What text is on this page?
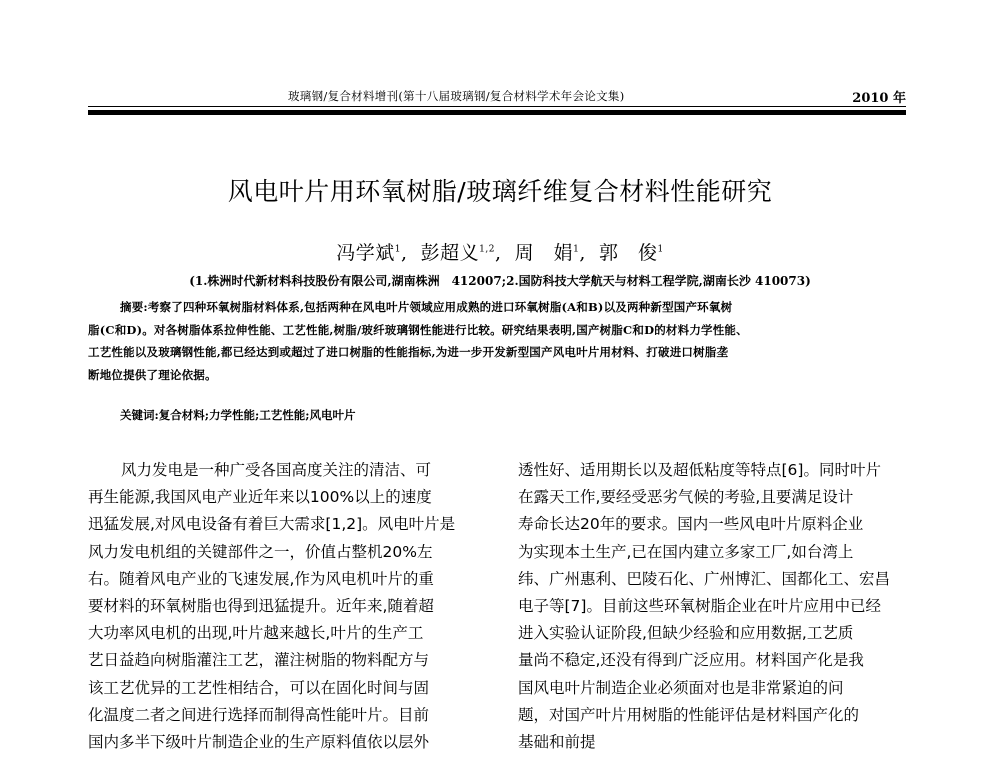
玻璃钢/复合材料增刊(第十八届玻璃钢/复合材料学术年会论文集)	2010 年
风电叶片用环氧树脂/玻璃纤维复合材料性能研究
冯学斌$^1$,  彭超义$^{1,2}$,  周　娟$^1$,  郭　俊$^1$
(1.株洲时代新材料科技股份有限公司,湖南株洲　412007;2.国防科技大学航天与材料工程学院,湖南长沙 410073)
摘要:考察了四种环氧树脂材料体系,包括两种在风电叶片领域应用成熟的进口环氧树脂(A和B)以及两种新型国产环氧树
脂(C和D)。对各树脂体系拉伸性能、工艺性能,树脂/玻纤玻璃钢性能进行比较。研究结果表明,国产树脂C和D的材料力学性能、
工艺性能以及玻璃钢性能,都已经达到或超过了进口树脂的性能指标,为进一步开发新型国产风电叶片用材料、打破进口树脂垄
断地位提供了理论依据。
关键词:复合材料;力学性能;工艺性能;风电叶片
风力发电是一种广受各国高度关注的清洁、可
再生能源,我国风电产业近年来以100%以上的速度
迅猛发展,对风电设备有着巨大需求[1,2]。风电叶片是
风力发电机组的关键部件之一，价值占整机20%左
右。随着风电产业的飞速发展,作为风电机叶片的重
要材料的环氧树脂也得到迅猛提升。近年来,随着超
大功率风电机的出现,叶片越来越长,叶片的生产工
艺日益趋向树脂灌注工艺，灌注树脂的物料配方与
该工艺优异的工艺性相结合，可以在固化时间与固
化温度二者之间进行选择而制得高性能叶片。目前
国内多半下级叶片制造企业的生产原料值依以层外
透性好、适用期长以及超低粘度等特点[6]。同时叶片
在露天工作,要经受恶劣气候的考验,且要满足设计
寿命长达20年的要求。国内一些风电叶片原料企业
为实现本土生产,已在国内建立多家工厂,如台湾上
纬、广州惠利、巴陵石化、广州博汇、国都化工、宏昌
电子等[7]。目前这些环氧树脂企业在叶片应用中已经
进入实验认证阶段,但缺少经验和应用数据,工艺质
量尚不稳定,还没有得到广泛应用。材料国产化是我
国风电叶片制造企业必须面对也是非常紧迫的问
题，对国产叶片用树脂的性能评估是材料国产化的
基础和前提
